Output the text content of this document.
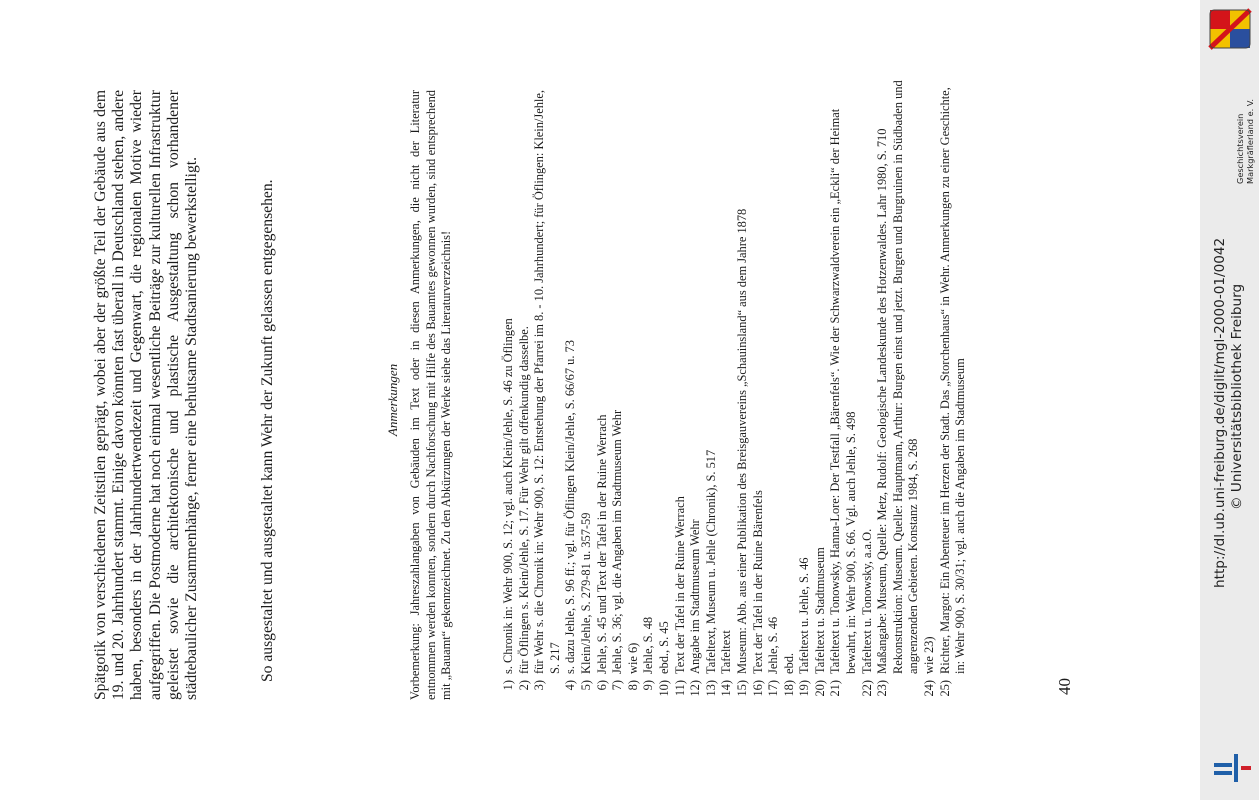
Spätgotik von verschiedenen Zeitstilen geprägt, wobei aber der größte Teil der Gebäude aus dem 19. und 20. Jahrhundert stammt. Einige davon könnten fast überall in Deutschland stehen, andere haben, besonders in der Jahrhundertwendezeit und Gegenwart, die regionalen Motive wieder aufgegriffen. Die Postmoderne hat noch einmal wesentliche Beiträge zur kulturellen Infrastruktur geleistet sowie die architektonische und plastische Ausgestaltung schon vorhandener städtebaulicher Zusammenhänge, ferner eine behutsame Stadtsanierung bewerkstelligt.	So ausgestaltet und ausgestaltet kann Wehr der Zukunft gelassen entgegensehen.	Anmerkungen Vorbemerkung: Jahreszahlangaben von Gebäuden im Text oder in diesen Anmerkungen, die nicht der Literatur entnommen werden konnten, sondern durch Nachforschung mit Hilfe des Bauamtes gewonnen wurden, sind entsprechend mit „Bauamt“ gekennzeichnet. Zu den Abkürzungen der Werke siehe das Literaturverzeichnis!	1)
s. Chronik in: Wehr 900, S. 12; vgl. auch Klein/Jehle, S. 46 zu Öflingen
2)
für Öflingen s. Klein/Jehle, S. 17. Für Wehr gilt offenkundig dasselbe.
3)
für Wehr s. die Chronik in: Wehr 900, S. 12: Entstehung der Pfarrei im 8. - 10. Jahrhundert; für Öflingen: Klein/Jehle, S. 217
4)
s. dazu Jehle, S. 96 ff.; vgl. für Öflingen Klein/Jehle, S. 66/67 u. 73
5)
Klein/Jehle, S. 279-81 u. 357-59
6)
Jehle, S. 45 und Text der Tafel in der Ruine Werrach
7)
Jehle, S. 36; vgl. die Angaben im Stadtmuseum Wehr
8)
wie 6)
9)
Jehle, S. 48
10)
ebd., S. 45
11)
Text der Tafel in der Ruine Werrach
12)
Angabe im Stadtmuseum Wehr
13)
Tafeltext, Museum u. Jehle (Chronik), S. 517
14)
Tafeltext
15)
Museum: Abb. aus einer Publikation des Breisgauvereins „Schauinsland“ aus dem Jahre 1878
16)
Text der Tafel in der Ruine Bärenfels
17)
Jehle, S. 46
18)
ebd.
19)
Tafeltext u. Jehle, S. 46
20)
Tafeltext u. Stadtmuseum
21)
Tafeltext u. Tonowsky, Hanna-Lore: Der Testfall „Bärenfels“. Wie der Schwarzwaldverein ein „Eckli“ der Heimat bewahrt, in: Wehr 900, S. 66. Vgl. auch Jehle, S. 498
22)
Tafeltext u. Tonowsky, a.a.O.
23)
Maßangabe: Museum, Quelle: Metz, Rudolf: Geologische Landeskunde des Hotzenwaldes. Lahr 1980, S. 710 Rekonstruktion: Museum. Quelle: Hauptmann, Arthur: Burgen einst und jetzt. Burgen und Burgruinen in Südbaden und angrenzenden Gebieten. Konstanz 1984, S. 268
24)
wie 23)
25)
Richter, Margot: Ein Abenteuer im Herzen der Stadt. Das „Storchenhaus“ in Wehr. Anmerkungen zu einer Geschichte, in: Wehr 900, S. 30/31; vgl. auch die Angaben im Stadtmuseum
40
Geschichtsverein Markgräflerland e. V.
http://dl.ub.uni-freiburg.de/diglit/mgl-2000-01/0042 © Universitätsbibliothek Freiburg
